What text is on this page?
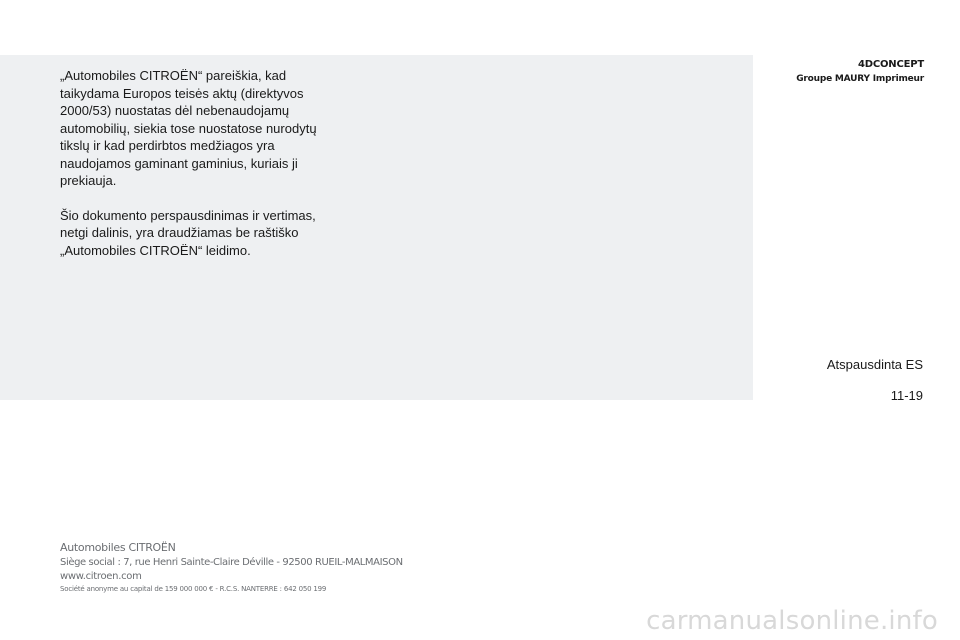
„Automobiles CITROËN“ pareiškia, kad taikydama Europos teisės aktų (direktyvos 2000/53) nuostatas dėl nebenaudojamų automobilių, siekia tose nuostatose nurodytų tikslų ir kad perdirbtos medžiagos yra naudojamos gaminant gaminius, kuriais ji prekiauja.

Šio dokumento perspausdinimas ir vertimas, netgi dalinis, yra draudžiamas be raštiško „Automobiles CITROËN“ leidimo.

4DCONCEPT
Groupe MAURY Imprimeur
Atspausdinta ES
11-19
Automobiles CITROËN
Siège social : 7, rue Henri Sainte-Claire Déville - 92500 RUEIL-MALMAISON
www.citroen.com
Société anonyme au capital de 159 000 000 € - R.C.S. NANTERRE : 642 050 199
carmanualsonline.info
